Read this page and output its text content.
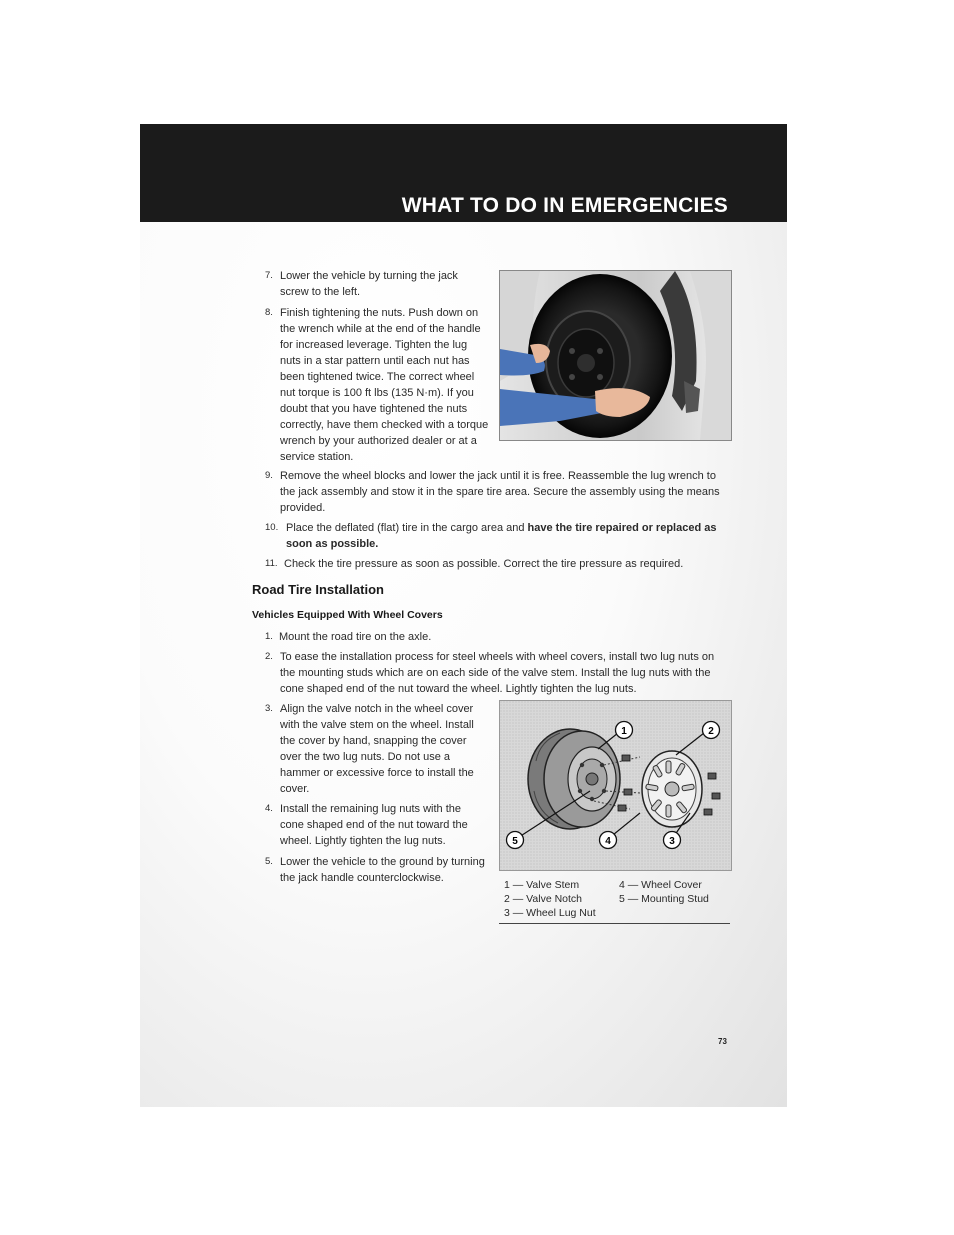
WHAT TO DO IN EMERGENCIES
7. Lower the vehicle by turning the jack screw to the left.
8. Finish tightening the nuts. Push down on the wrench while at the end of the handle for increased leverage. Tighten the lug nuts in a star pattern until each nut has been tightened twice. The correct wheel nut torque is 100 ft lbs (135 N·m). If you doubt that you have tightened the nuts correctly, have them checked with a torque wrench by your authorized dealer or at a service station.
9. Remove the wheel blocks and lower the jack until it is free. Reassemble the lug wrench to the jack assembly and stow it in the spare tire area. Secure the assembly using the means provided.
10. Place the deflated (flat) tire in the cargo area and have the tire repaired or replaced as soon as possible.
11. Check the tire pressure as soon as possible. Correct the tire pressure as required.
Road Tire Installation
Vehicles Equipped With Wheel Covers
1. Mount the road tire on the axle.
2. To ease the installation process for steel wheels with wheel covers, install two lug nuts on the mounting studs which are on each side of the valve stem. Install the lug nuts with the cone shaped end of the nut toward the wheel. Lightly tighten the lug nuts.
3. Align the valve notch in the wheel cover with the valve stem on the wheel. Install the cover by hand, snapping the cover over the two lug nuts. Do not use a hammer or excessive force to install the cover.
4. Install the remaining lug nuts with the cone shaped end of the nut toward the wheel. Lightly tighten the lug nuts.
5. Lower the vehicle to the ground by turning the jack handle counterclockwise.
1	2
3
4
5
1 — Valve Stem
2 — Valve Notch
3 — Wheel Lug Nut
4 — Wheel Cover
5 — Mounting Stud
73
